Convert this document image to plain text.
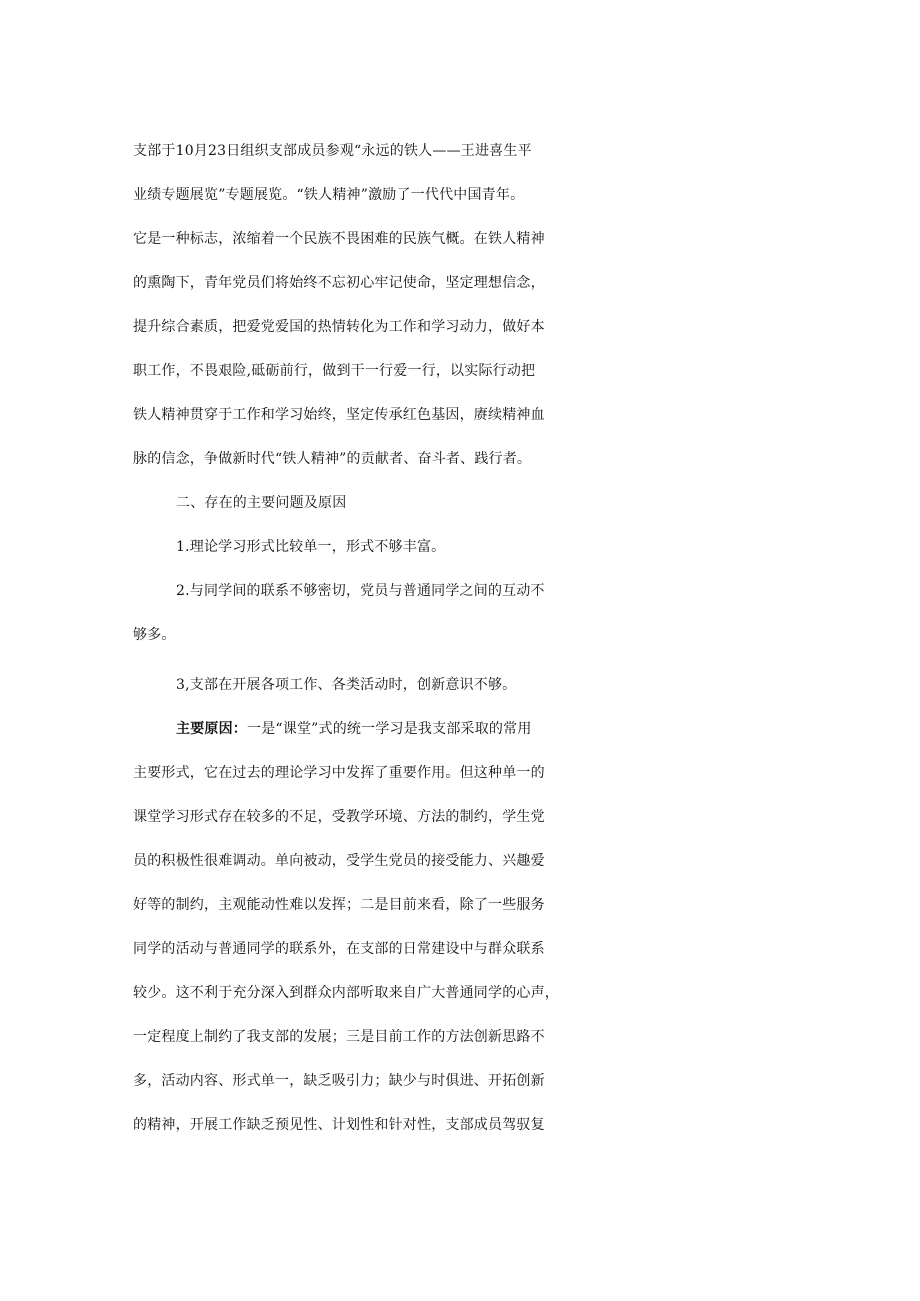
支部于10月23日组织支部成员参观“永远的铁人——王进喜生平
业绩专题展览”专题展览。“铁人精神”激励了一代代中国青年。
它是一种标志，浓缩着一个民族不畏困难的民族气概。在铁人精神
的熏陶下，青年党员们将始终不忘初心牢记使命，坚定理想信念，
提升综合素质，把爱党爱国的热情转化为工作和学习动力，做好本
职工作，不畏艰险,砥砺前行，做到干一行爱一行，以实际行动把
铁人精神贯穿于工作和学习始终，坚定传承红色基因，赓续精神血
脉的信念，争做新时代“铁人精神”的贡献者、奋斗者、践行者。
二、存在的主要问题及原因
1.理论学习形式比较单一，形式不够丰富。
2.与同学间的联系不够密切，党员与普通同学之间的互动不
够多。
3,支部在开展各项工作、各类活动时，创新意识不够。
主要原因：一是“课堂”式的统一学习是我支部采取的常用
主要形式，它在过去的理论学习中发挥了重要作用。但这种单一的
课堂学习形式存在较多的不足，受教学环境、方法的制约，学生党
员的积极性很难调动。单向被动，受学生党员的接受能力、兴趣爱
好等的制约，主观能动性难以发挥；二是目前来看，除了一些服务
同学的活动与普通同学的联系外，在支部的日常建设中与群众联系
较少。这不利于充分深入到群众内部听取来自广大普通同学的心声，
一定程度上制约了我支部的发展；三是目前工作的方法创新思路不
多，活动内容、形式单一，缺乏吸引力；缺少与时俱进、开拓创新
的精神，开展工作缺乏预见性、计划性和针对性，支部成员驾驭复
